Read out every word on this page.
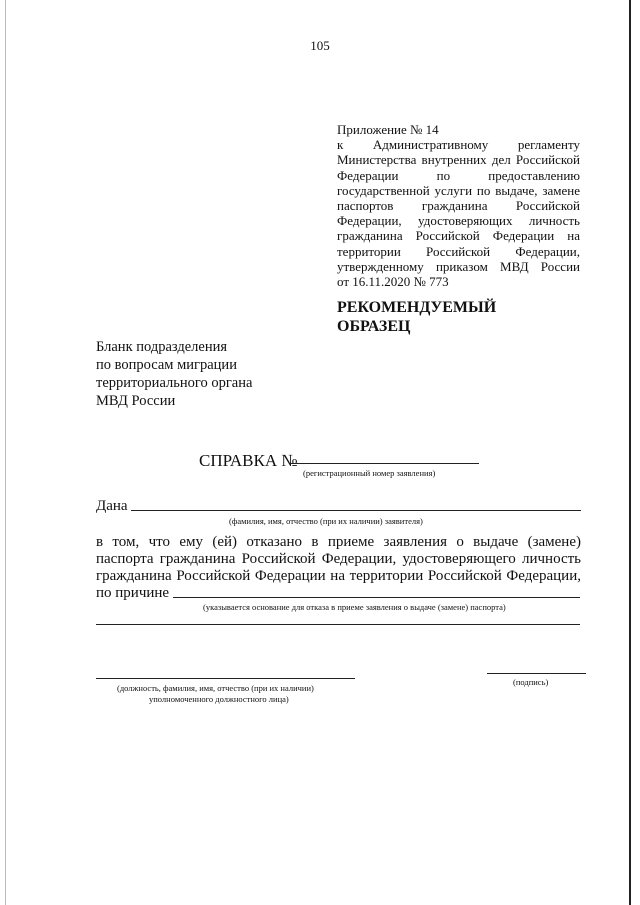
105
Приложение № 14
к Административному регламенту
Министерства внутренних дел Российской
Федерации по предоставлению
государственной услуги по выдаче, замене
паспортов гражданина Российской
Федерации, удостоверяющих личность
гражданина Российской Федерации на
территории Российской Федерации,
утвержденному приказом МВД России
от 16.11.2020 № 773
РЕКОМЕНДУЕМЫЙ
ОБРАЗЕЦ
Бланк подразделения
по вопросам миграции
территориального органа
МВД России
СПРАВКА №
(регистрационный номер заявления)
Дана
(фамилия, имя, отчество (при их наличии) заявителя)
в том, что ему (ей) отказано в приеме заявления о выдаче (замене)
паспорта гражданина Российской Федерации, удостоверяющего личность
гражданина Российской Федерации на территории Российской Федерации,
по причине
(указывается основание для отказа в приеме заявления о выдаче (замене) паспорта)
(должность, фамилия, имя, отчество (при их наличии)
уполномоченного должностного лица)
(подпись)
